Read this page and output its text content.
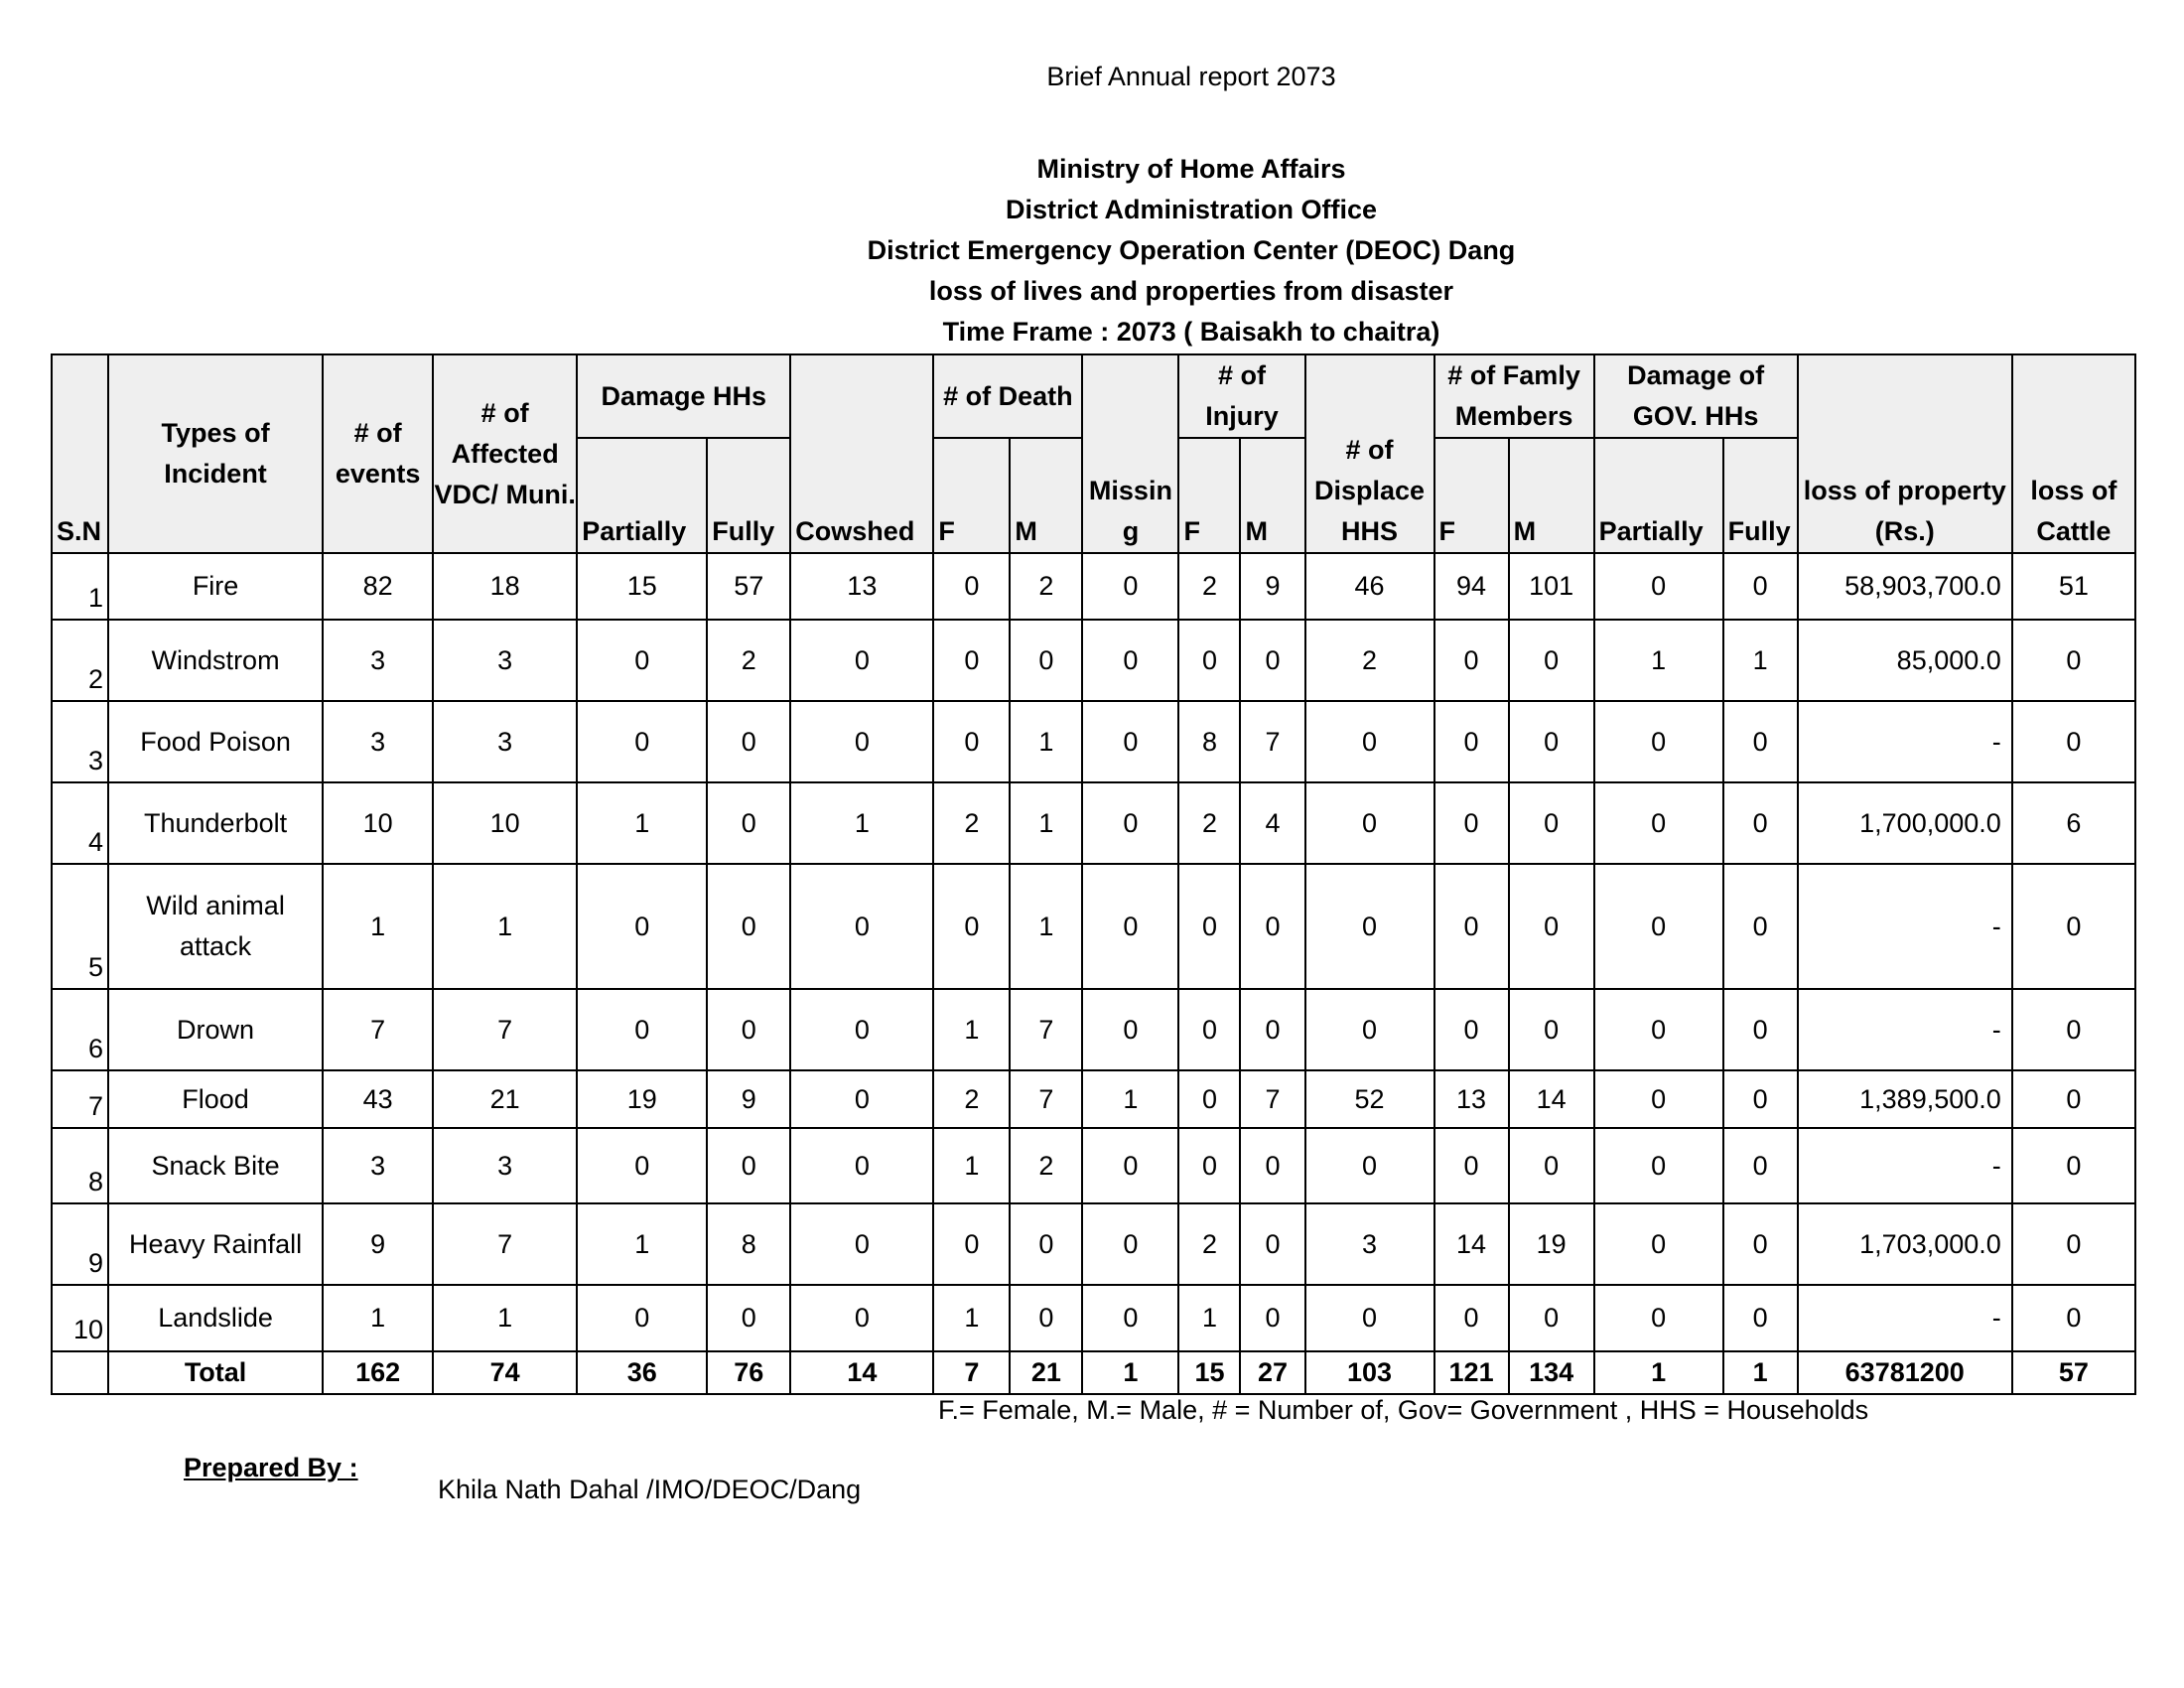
Brief Annual report 2073
Ministry of Home Affairs
District Administration Office
District Emergency Operation Center (DEOC) Dang
loss of lives and properties from disaster
Time Frame : 2073 ( Baisakh to chaitra)
S.N	Types of Incident	# of events	# of Affected VDC/ Muni.	Damage HHs			# of Death		Missin g	# of Injury		# of Displace HHS	# of Famly Members		Damage of GOV. HHs		loss of property (Rs.)	loss of Cattle
				Partially	Fully	Cowshed	F	M		F	M		F	M	Partially	Fully		
1	Fire	82	18	15	57	13	0	2	0	2	9	46	94	101	0	0	58,903,700.0	51
2	Windstrom	3	3	0	2	0	0	0	0	0	0	2	0	0	1	1	85,000.0	0
3	Food Poison	3	3	0	0	0	0	1	0	8	7	0	0	0	0	0	-	0
4	Thunderbolt	10	10	1	0	1	2	1	0	2	4	0	0	0	0	0	1,700,000.0	6
5	Wild animal attack	1	1	0	0	0	0	1	0	0	0	0	0	0	0	0	-	0
6	Drown	7	7	0	0	0	1	7	0	0	0	0	0	0	0	0	-	0
7	Flood	43	21	19	9	0	2	7	1	0	7	52	13	14	0	0	1,389,500.0	0
8	Snack Bite	3	3	0	0	0	1	2	0	0	0	0	0	0	0	0	-	0
9	Heavy Rainfall	9	7	1	8	0	0	0	0	2	0	3	14	19	0	0	1,703,000.0	0
10	Landslide	1	1	0	0	0	1	0	0	1	0	0	0	0	0	0	-	0
	Total	162	74	36	76	14	7	21	1	15	27	103	121	134	1	1	63781200	57
F.= Female, M.= Male, # = Number of, Gov= Government , HHS = Households
Prepared By :
Khila Nath Dahal /IMO/DEOC/Dang
